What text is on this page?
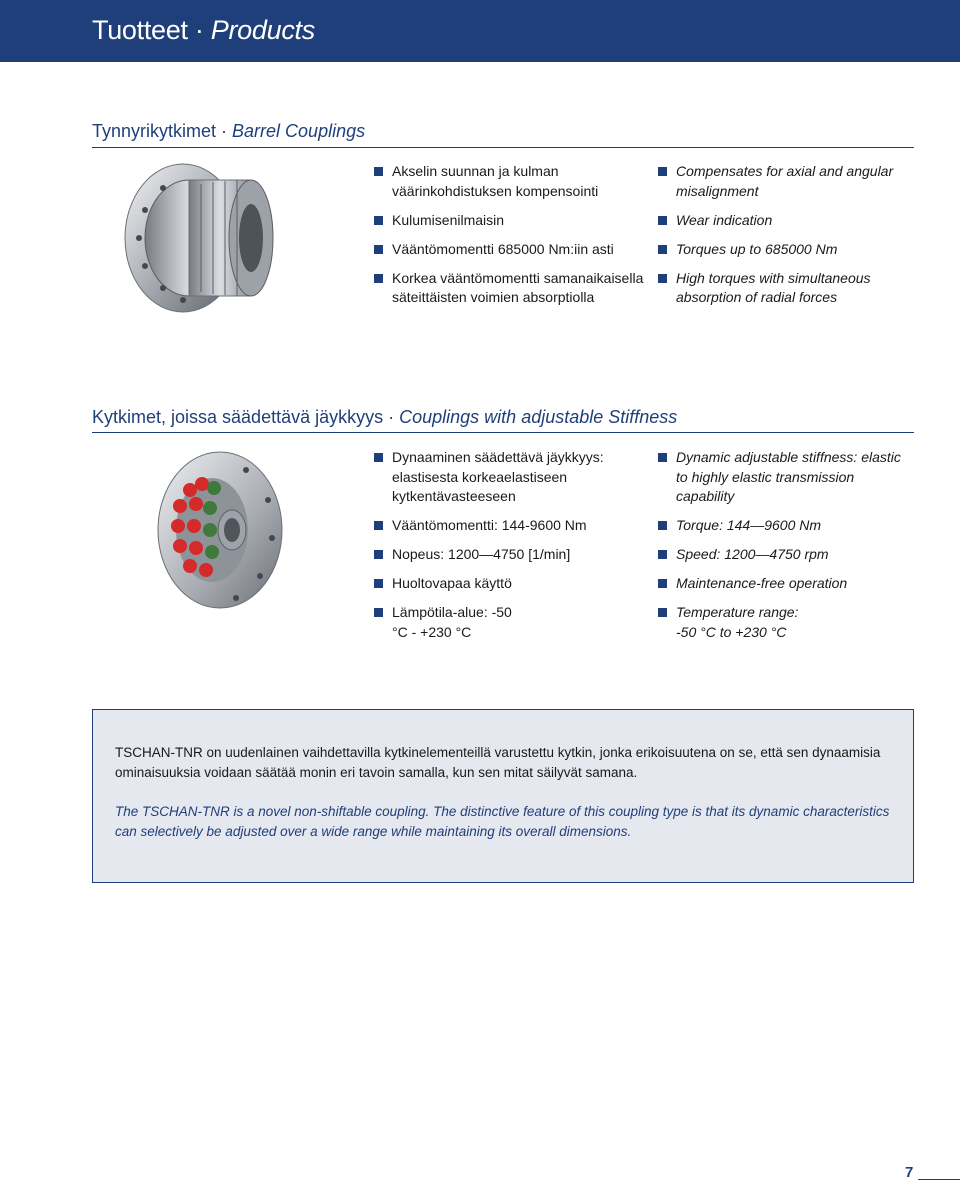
Tuotteet · Products
Tynnyrikytkimet · Barrel Couplings
Akselin suunnan ja kulman väärinkohdistuksen kompensointi
Kulumisenilmaisin
Vääntömomentti 685000 Nm:iin asti
Korkea vääntömomentti samanaikaisella säteittäisten voimien absorptiolla
Compensates for axial and angular misalignment
Wear indication
Torques up to 685000 Nm
High torques with simultaneous absorption of radial forces
Kytkimet, joissa säädettävä jäykkyys · Couplings with adjustable Stiffness
Dynaaminen säädettävä jäykkyys: elastisesta korkeaelastiseen kytkentävasteeseen
Vääntömomentti: 144-9600 Nm
Nopeus: 1200—4750 [1/min]
Huoltovapaa käyttö
Lämpötila-alue: -50 °C - +230 °C
Dynamic adjustable stiffness: elastic to highly elastic transmission capability
Torque: 144—9600 Nm
Speed: 1200—4750 rpm
Maintenance-free operation
Temperature range: -50 °C to +230 °C
TSCHAN-TNR on uudenlainen vaihdettavilla kytkinelementeillä varustettu kytkin, jonka erikoisuutena on se, että sen dynaamisia ominaisuuksia voidaan säätää monin eri tavoin samalla, kun sen mitat säilyvät samana.
The TSCHAN-TNR is a novel non-shiftable coupling. The distinctive feature of this coupling type is that its dynamic characteristics can selectively be adjusted over a wide range while maintaining its overall dimensions.
7
